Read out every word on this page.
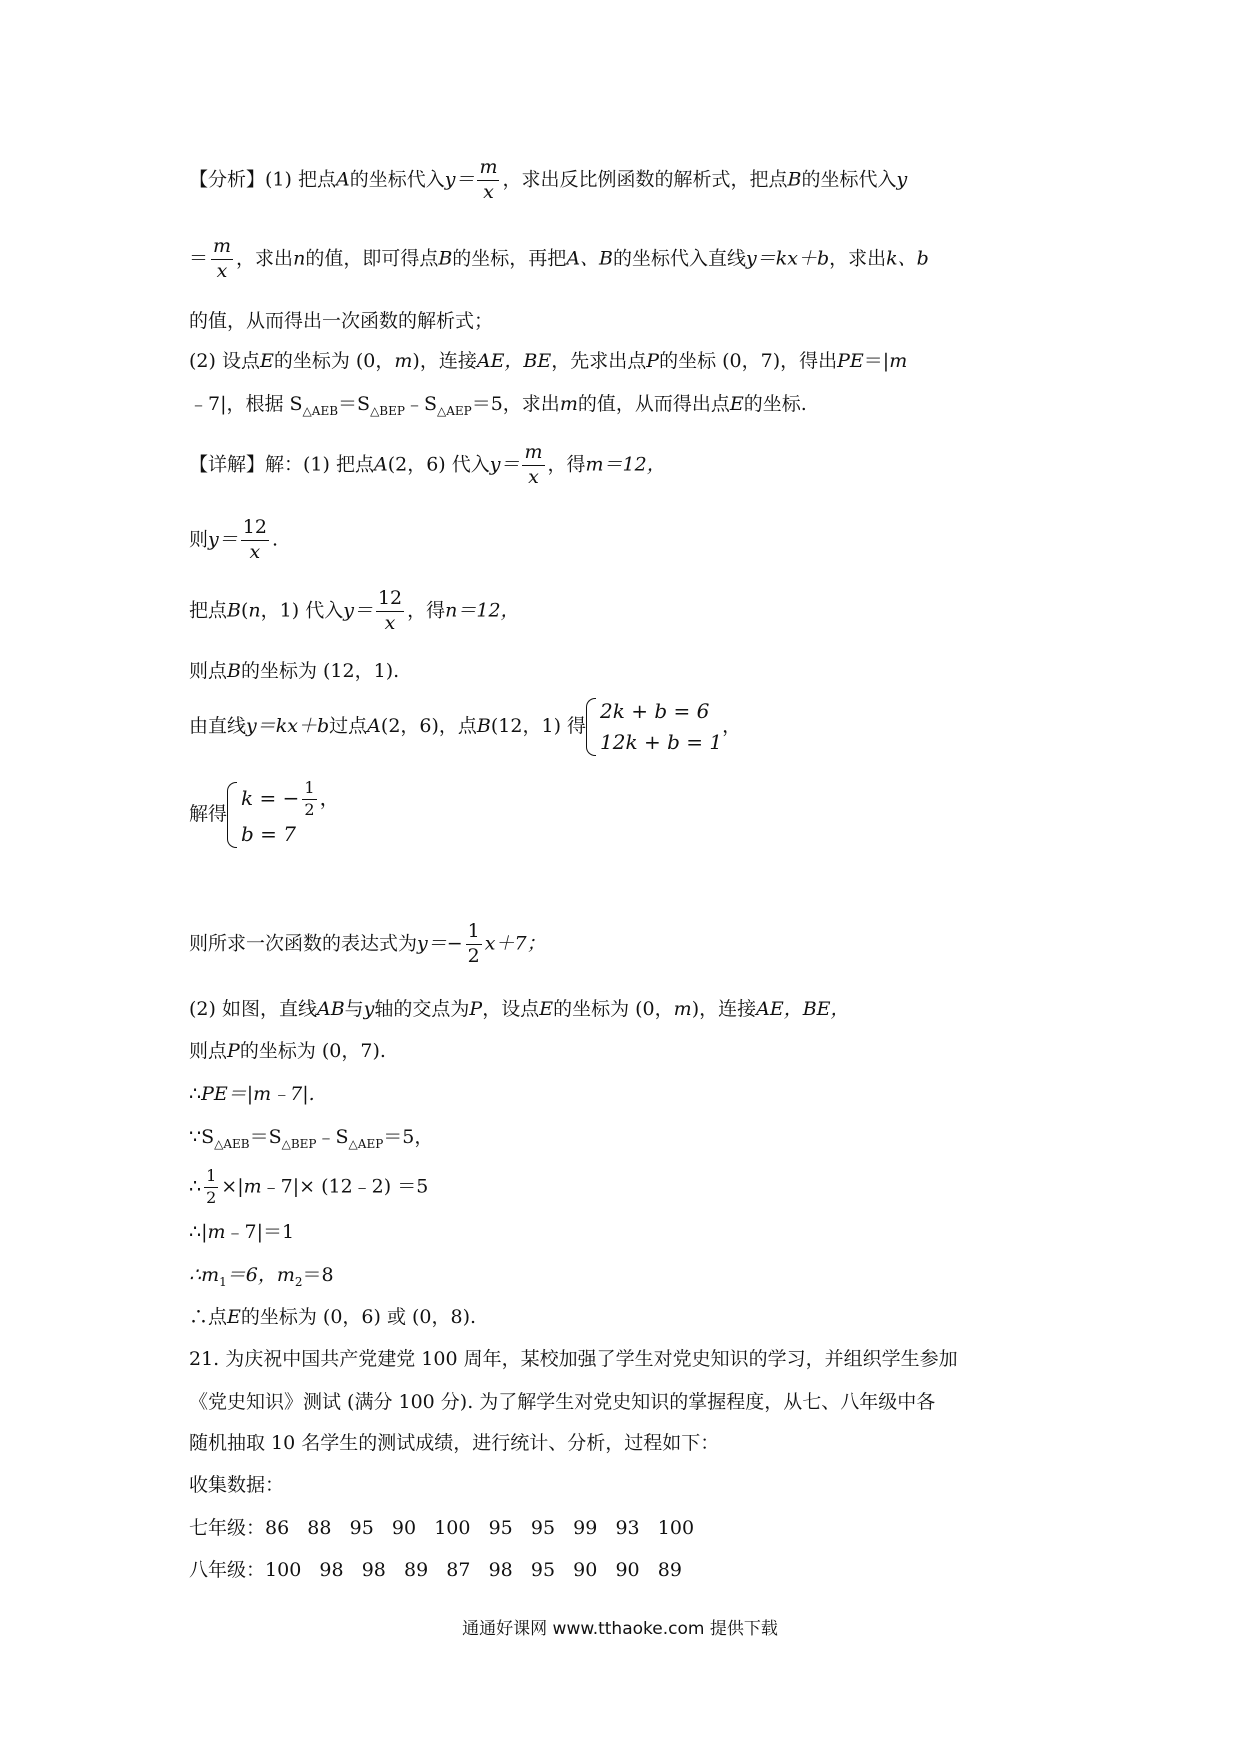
【分析】(1) 把点A的坐标代入$y= \frac{m}{x}$ ，求出反比例函数的解析式，把点B的坐标代入y
＝ $\frac{m}{x}$ ，求出n的值，即可得点B的坐标，再把A、B的坐标代入直线y＝kx＋b，求出k、b
的值，从而得出一次函数的解析式；
(2) 设点E的坐标为 (0，m)，连接AE，BE，先求出点P的坐标 (0，7)，得出PE＝|m
﹣7|，根据 $S_{\triangle AEB}=S_{\triangle BEP}﹣S_{\triangle AEP}=5$，求出m的值，从而得出点E的坐标.
【详解】解：(1) 把点A(2，6) 代入$y= \frac{m}{x}$ ，得m＝12，
则$y= \frac{12}{x}$ .
把点B(n，1) 代入$y= \frac{12}{x}$ ，得n＝12，
则点B的坐标为 (12，1).
由直线y＝kx＋b过点A(2，6)，点B(12，1) 得
2k + b = 6
12k + b = 1
，
解得
k = − $\frac{1}{2}$ ，
b = 7
则所求一次函数的表达式为$y=- \frac{1}{2} x+7$；
(2) 如图，直线AB与y轴的交点为P，设点E的坐标为 (0，m)，连接AE，BE，
则点P的坐标为 (0，7).
∴PE＝|m﹣7|.
$\because S_{\triangle AEB}=S_{\triangle BEP}﹣S_{\triangle AEP}=5$，
∴ $\frac{1}{2}$ ×|m﹣7|× (12﹣2) ＝5
∴|m﹣7|＝1
$\therefore m_1=6$，$m_2=8$
∴点E的坐标为 (0，6) 或 (0，8).
21. 为庆祝中国共产党建党 100 周年，某校加强了学生对党史知识的学习，并组织学生参加
《党史知识》测试 (满分 100 分). 为了解学生对党史知识的掌握程度，从七、八年级中各
随机抽取 10 名学生的测试成绩，进行统计、分析，过程如下：
收集数据：
七年级：86   88   95   90   100   95   95   99   93   100
八年级：100   98   98   89   87   98   95   90   90   89
通通好课网 www.tthaoke.com 提供下载
